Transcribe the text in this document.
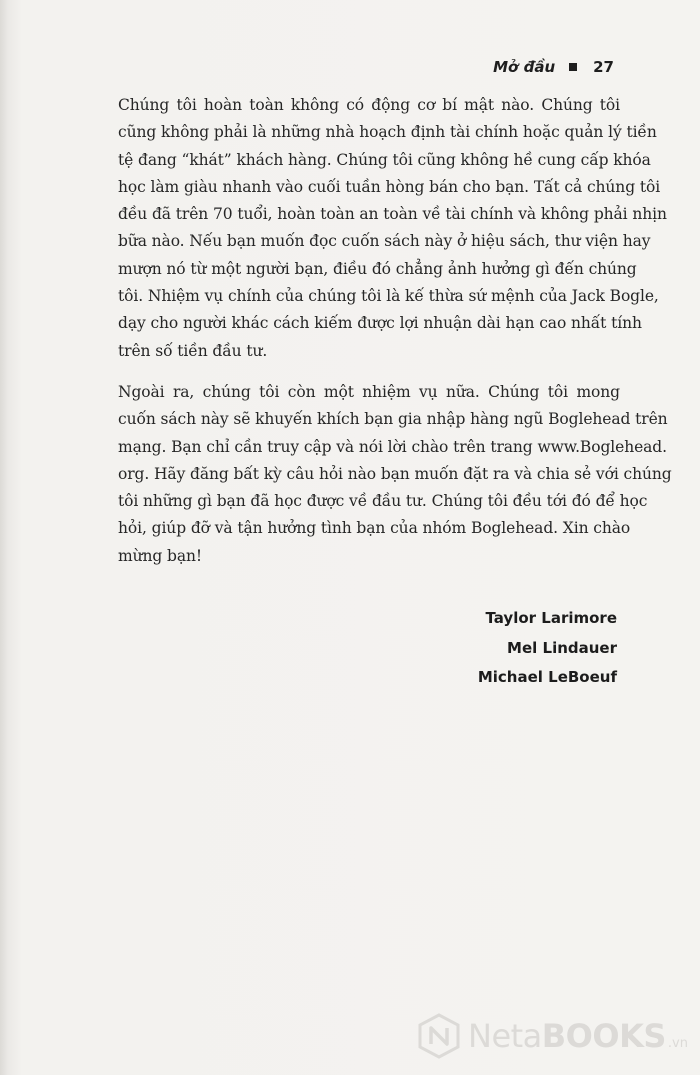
Mở đầu	27

Chúng tôi hoàn toàn không có động cơ bí mật nào. Chúng tôi
cũng không phải là những nhà hoạch định tài chính hoặc quản lý tiền
tệ đang “khát” khách hàng. Chúng tôi cũng không hề cung cấp khóa
học làm giàu nhanh vào cuối tuần hòng bán cho bạn. Tất cả chúng tôi
đều đã trên 70 tuổi, hoàn toàn an toàn về tài chính và không phải nhịn
bữa nào. Nếu bạn muốn đọc cuốn sách này ở hiệu sách, thư viện hay
mượn nó từ một người bạn, điều đó chẳng ảnh hưởng gì đến chúng
tôi. Nhiệm vụ chính của chúng tôi là kế thừa sứ mệnh của Jack Bogle,
dạy cho người khác cách kiếm được lợi nhuận dài hạn cao nhất tính
trên số tiền đầu tư.

Ngoài ra, chúng tôi còn một nhiệm vụ nữa. Chúng tôi mong
cuốn sách này sẽ khuyến khích bạn gia nhập hàng ngũ Boglehead trên
mạng. Bạn chỉ cần truy cập và nói lời chào trên trang www.Boglehead.
org. Hãy đăng bất kỳ câu hỏi nào bạn muốn đặt ra và chia sẻ với chúng
tôi những gì bạn đã học được về đầu tư. Chúng tôi đều tới đó để học
hỏi, giúp đỡ và tận hưởng tình bạn của nhóm Boglehead. Xin chào
mừng bạn!

Taylor Larimore
Mel Lindauer
Michael LeBoeuf
NetaBOOKS .vn
